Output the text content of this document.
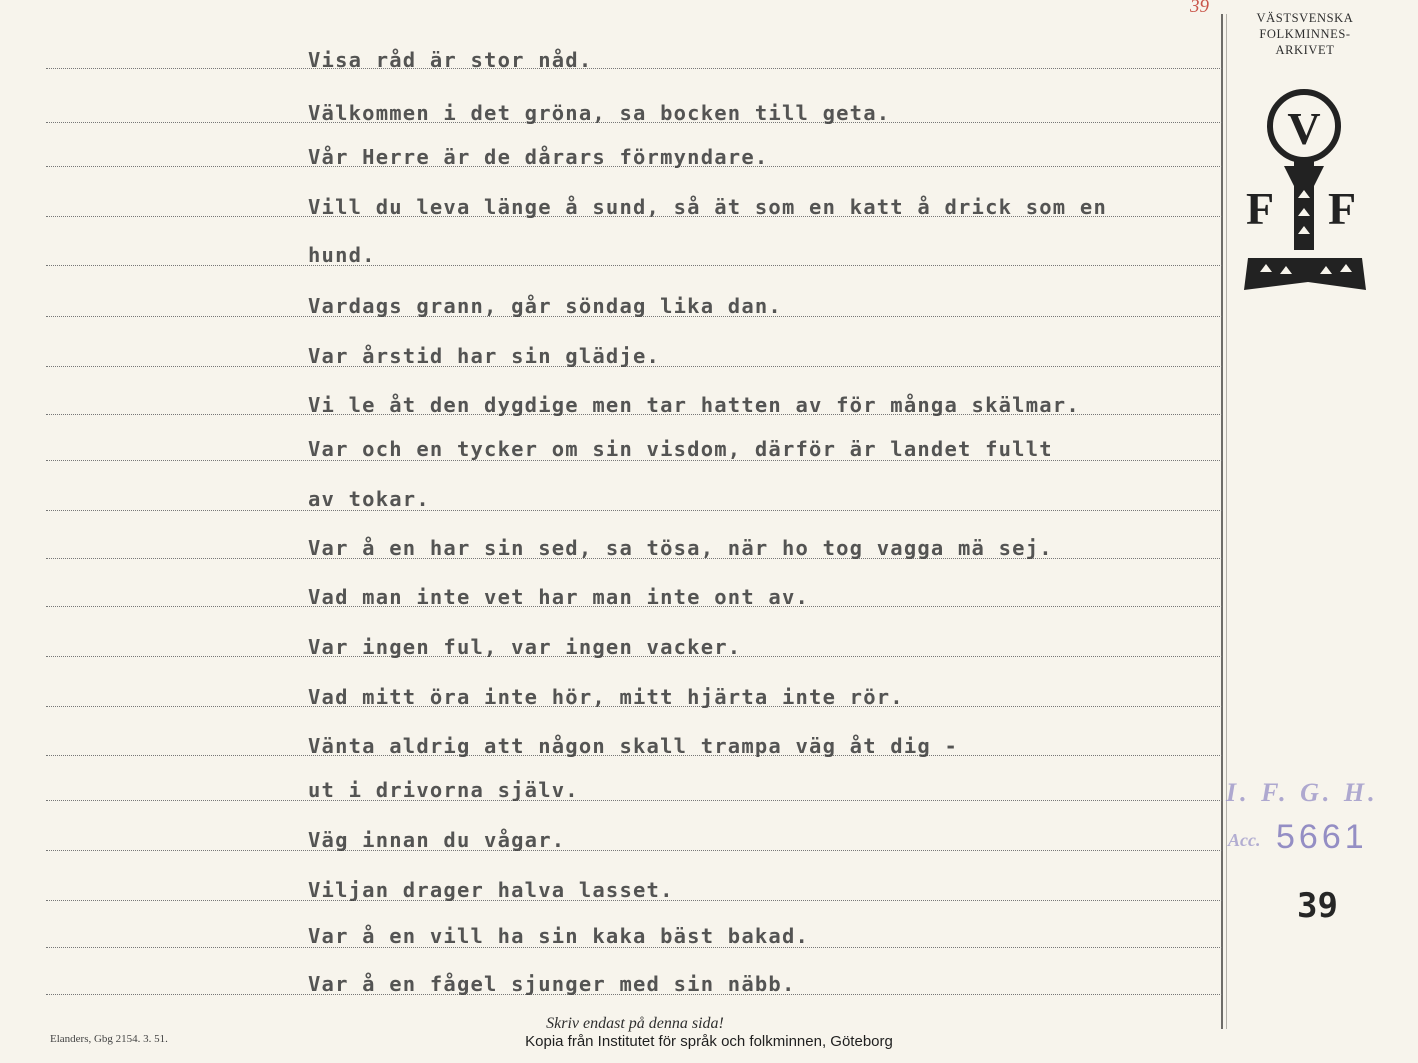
39
VÄSTSVENSKA
FOLKMINNES-
ARKIVET
V
F F
Visa råd är stor nåd.
Välkommen i det gröna, sa bocken till geta.
Vår Herre är de dårars förmyndare.
Vill du leva länge å sund, så ät som en katt å drick som en
hund.
Vardags grann, går söndag lika dan.
Var årstid har sin glädje.
Vi le åt den dygdige men tar hatten av för många skälmar.
Var och en tycker om sin visdom, därför är landet fullt
av tokar.
Var å en har sin sed, sa tösa, när ho tog vagga mä sej.
Vad man inte vet har man inte ont av.
Var ingen ful, var ingen vacker.
Vad mitt öra inte hör, mitt hjärta inte rör.
Vänta aldrig att någon skall trampa väg åt dig -
ut i drivorna själv.
Väg innan du vågar.
Viljan drager halva lasset.
Var å en vill ha sin kaka bäst bakad.
Var å en fågel sjunger med sin näbb.
I. F. G. H.
Acc. 5661
39
Elanders, Gbg 2154. 3. 51.
Skriv endast på denna sida!
Kopia från Institutet för språk och folkminnen, Göteborg
